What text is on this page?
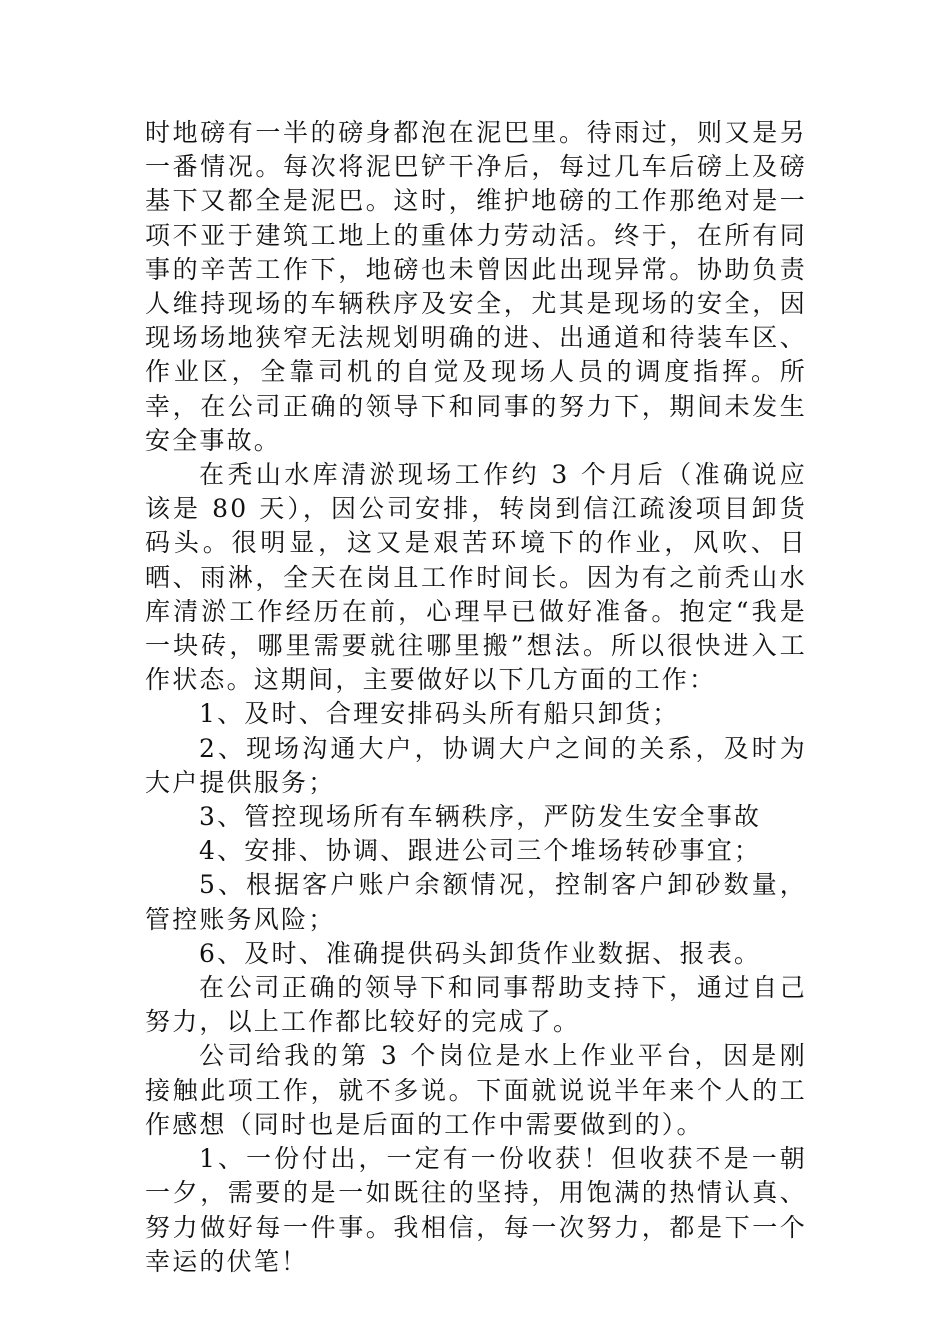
时地磅有一半的磅身都泡在泥巴里。待雨过，则又是另一番情况。每次将泥巴铲干净后，每过几车后磅上及磅基下又都全是泥巴。这时，维护地磅的工作那绝对是一项不亚于建筑工地上的重体力劳动活。终于，在所有同事的辛苦工作下，地磅也未曾因此出现异常。协助负责人维持现场的车辆秩序及安全，尤其是现场的安全，因现场场地狭窄无法规划明确的进、出通道和待装车区、作业区，全靠司机的自觉及现场人员的调度指挥。所幸，在公司正确的领导下和同事的努力下，期间未发生安全事故。

在秃山水库清淤现场工作约 3 个月后（准确说应该是 80 天），因公司安排，转岗到信江疏浚项目卸货码头。很明显，这又是艰苦环境下的作业，风吹、日晒、雨淋，全天在岗且工作时间长。因为有之前秃山水库清淤工作经历在前，心理早已做好准备。抱定“我是一块砖，哪里需要就往哪里搬”想法。所以很快进入工作状态。这期间，主要做好以下几方面的工作：

1、及时、合理安排码头所有船只卸货；

2、现场沟通大户，协调大户之间的关系，及时为大户提供服务；

3、管控现场所有车辆秩序，严防发生安全事故

4、安排、协调、跟进公司三个堆场转砂事宜；

5、根据客户账户余额情况，控制客户卸砂数量，管控账务风险；

6、及时、准确提供码头卸货作业数据、报表。

在公司正确的领导下和同事帮助支持下，通过自己努力，以上工作都比较好的完成了。

公司给我的第 3 个岗位是水上作业平台，因是刚接触此项工作，就不多说。下面就说说半年来个人的工作感想（同时也是后面的工作中需要做到的）。

1、一份付出，一定有一份收获！但收获不是一朝一夕，需要的是一如既往的坚持，用饱满的热情认真、努力做好每一件事。我相信，每一次努力，都是下一个幸运的伏笔！
